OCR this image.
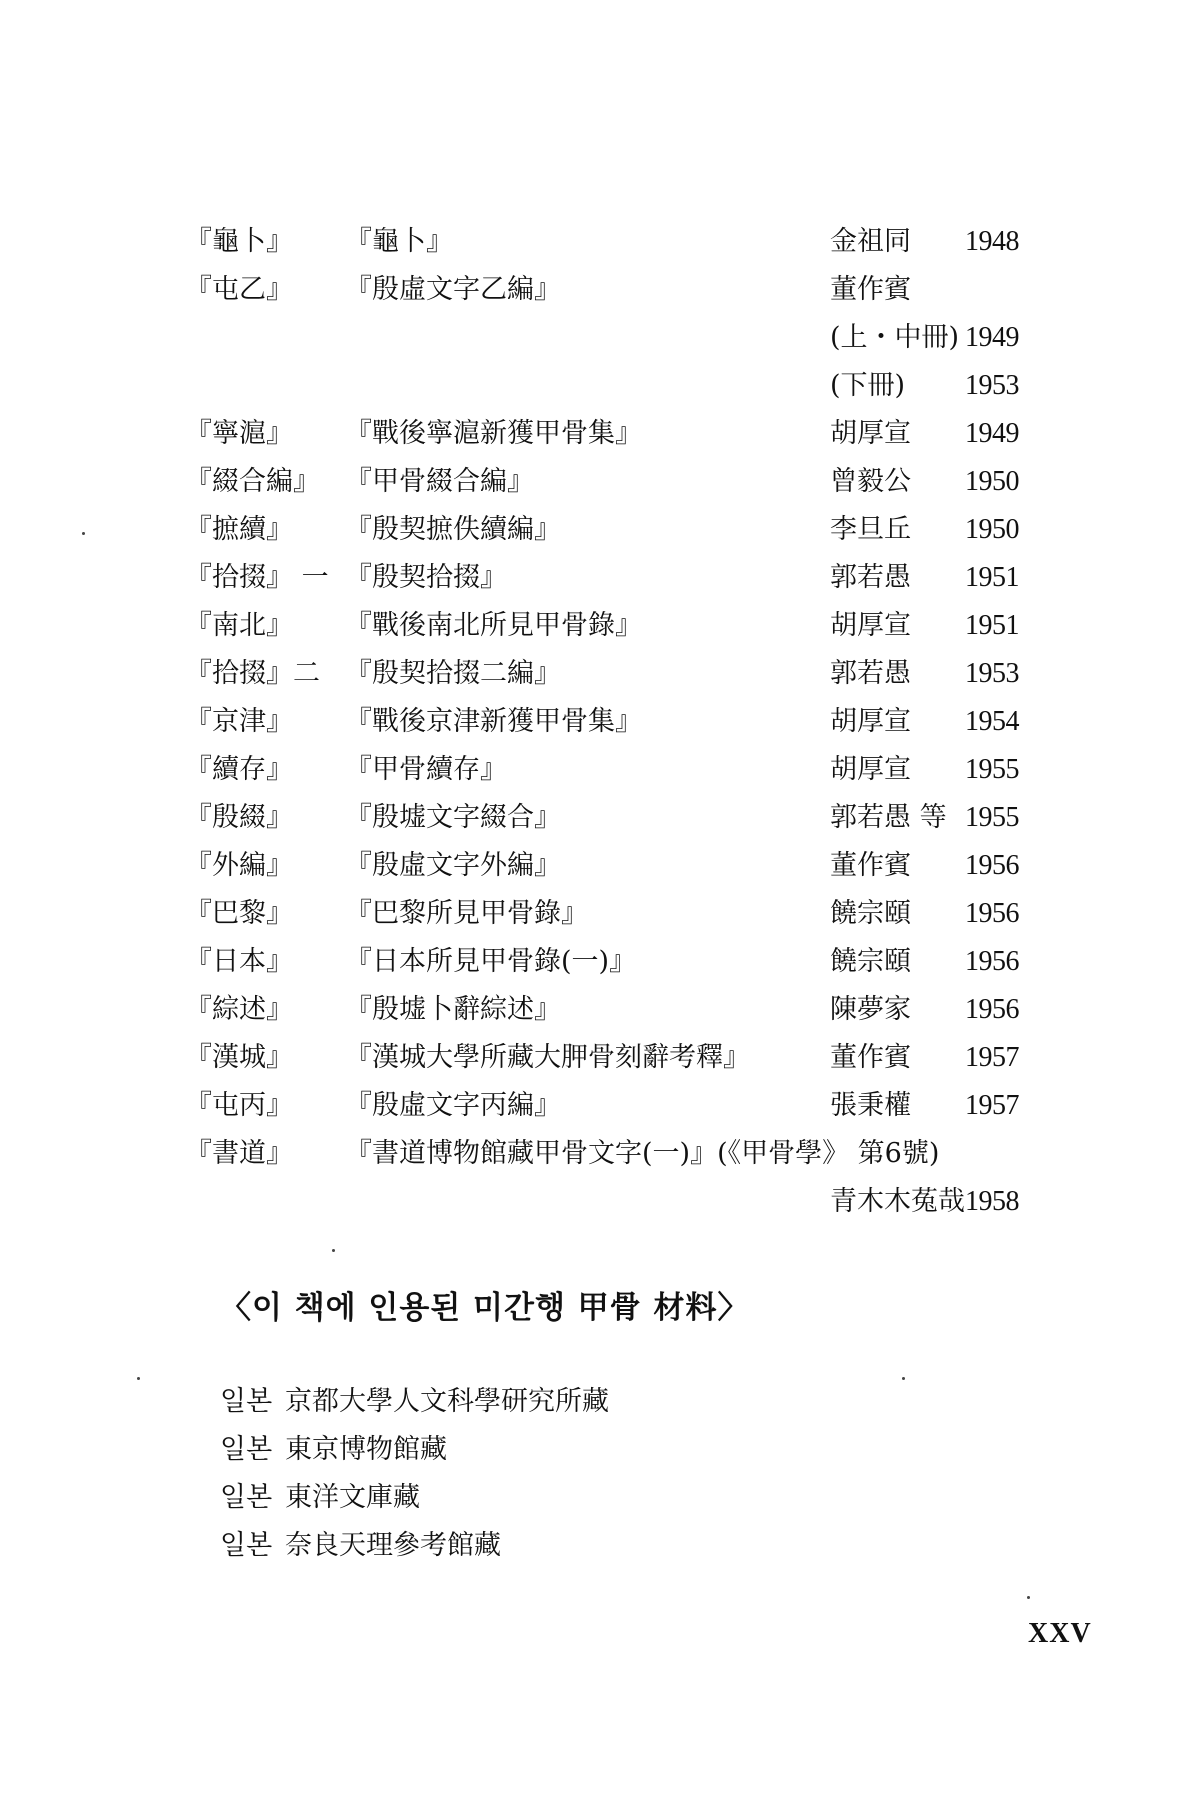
『龜卜』 『龜卜』	金祖同 1948
『屯乙』 『殷虛文字乙編』	董作賓
(上・中冊) 1949
(下冊) 1953
『寧滬』 『戰後寧滬新獲甲骨集』	胡厚宣 1949
『綴合編』 『甲骨綴合編』	曾毅公 1950
『摭續』 『殷契摭佚續編』	李旦丘 1950
『拾掇』 一 『殷契拾掇』	郭若愚 1951
『南北』 『戰後南北所見甲骨錄』	胡厚宣 1951
『拾掇』二 『殷契拾掇二編』	郭若愚 1953
『京津』 『戰後京津新獲甲骨集』	胡厚宣 1954
『續存』 『甲骨續存』	胡厚宣 1955
『殷綴』 『殷墟文字綴合』	郭若愚 等 1955
『外編』 『殷虛文字外編』	董作賓 1956
『巴黎』 『巴黎所見甲骨錄』	饒宗頤 1956
『日本』 『日本所見甲骨錄(一)』	饒宗頤 1956
『綜述』 『殷墟卜辭綜述』	陳夢家 1956
『漢城』 『漢城大學所藏大胛骨刻辭考釋』	董作賓 1957
『屯丙』 『殷虛文字丙編』	張秉權 1957
『書道』 『書道博物館藏甲骨文字(一)』(《甲骨學》 第6號)
青木木菟哉 1958
〈이 책에 인용된 미간행 甲骨 材料〉
일본 京都大學人文科學研究所藏
일본 東京博物館藏
일본 東洋文庫藏
일본 奈良天理參考館藏
XXV
